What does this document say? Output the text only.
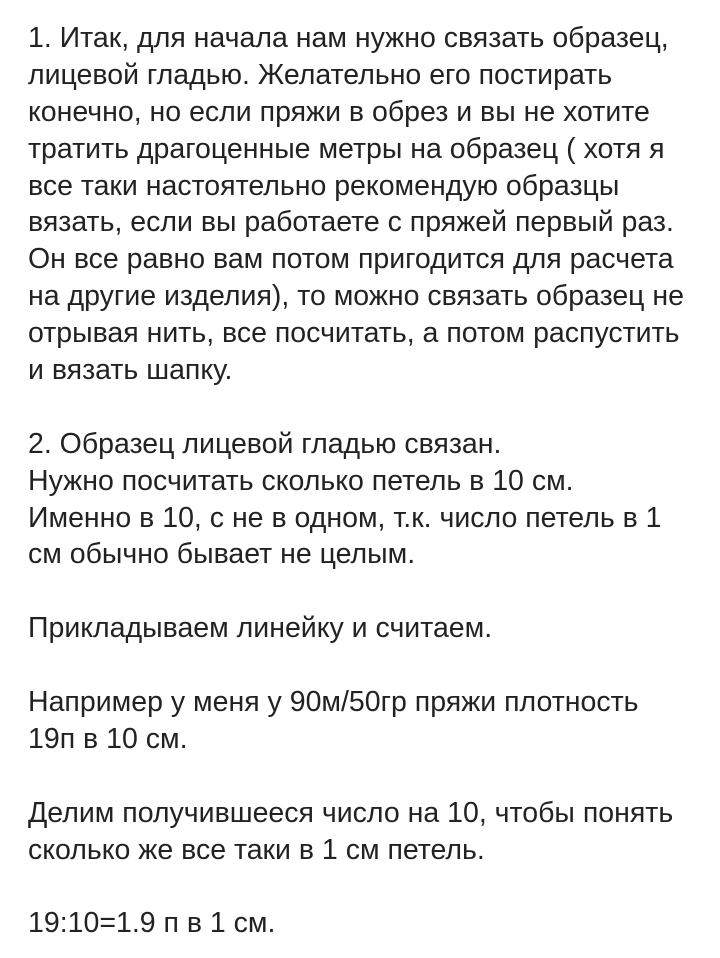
1. Итак, для начала нам нужно связать образец,
лицевой гладью. Желательно его постирать
конечно, но если пряжи в обрез и вы не хотите
тратить драгоценные метры на образец ( хотя я
все таки настоятельно рекомендую образцы
вязать, если вы работаете с пряжей первый раз.
Он все равно вам потом пригодится для расчета
на другие изделия), то можно связать образец не
отрывая нить, все посчитать, а потом распустить
и вязать шапку.
2. Образец лицевой гладью связан.
Нужно посчитать сколько петель в 10 см.
Именно в 10, с не в одном, т.к. число петель в 1
см обычно бывает не целым.
Прикладываем линейку и считаем.
Например у меня у 90м/50гр пряжи плотность
19п в 10 см.
Делим получившееся число на 10, чтобы понять
сколько же все таки в 1 см петель.
19:10=1.9 п в 1 см.
